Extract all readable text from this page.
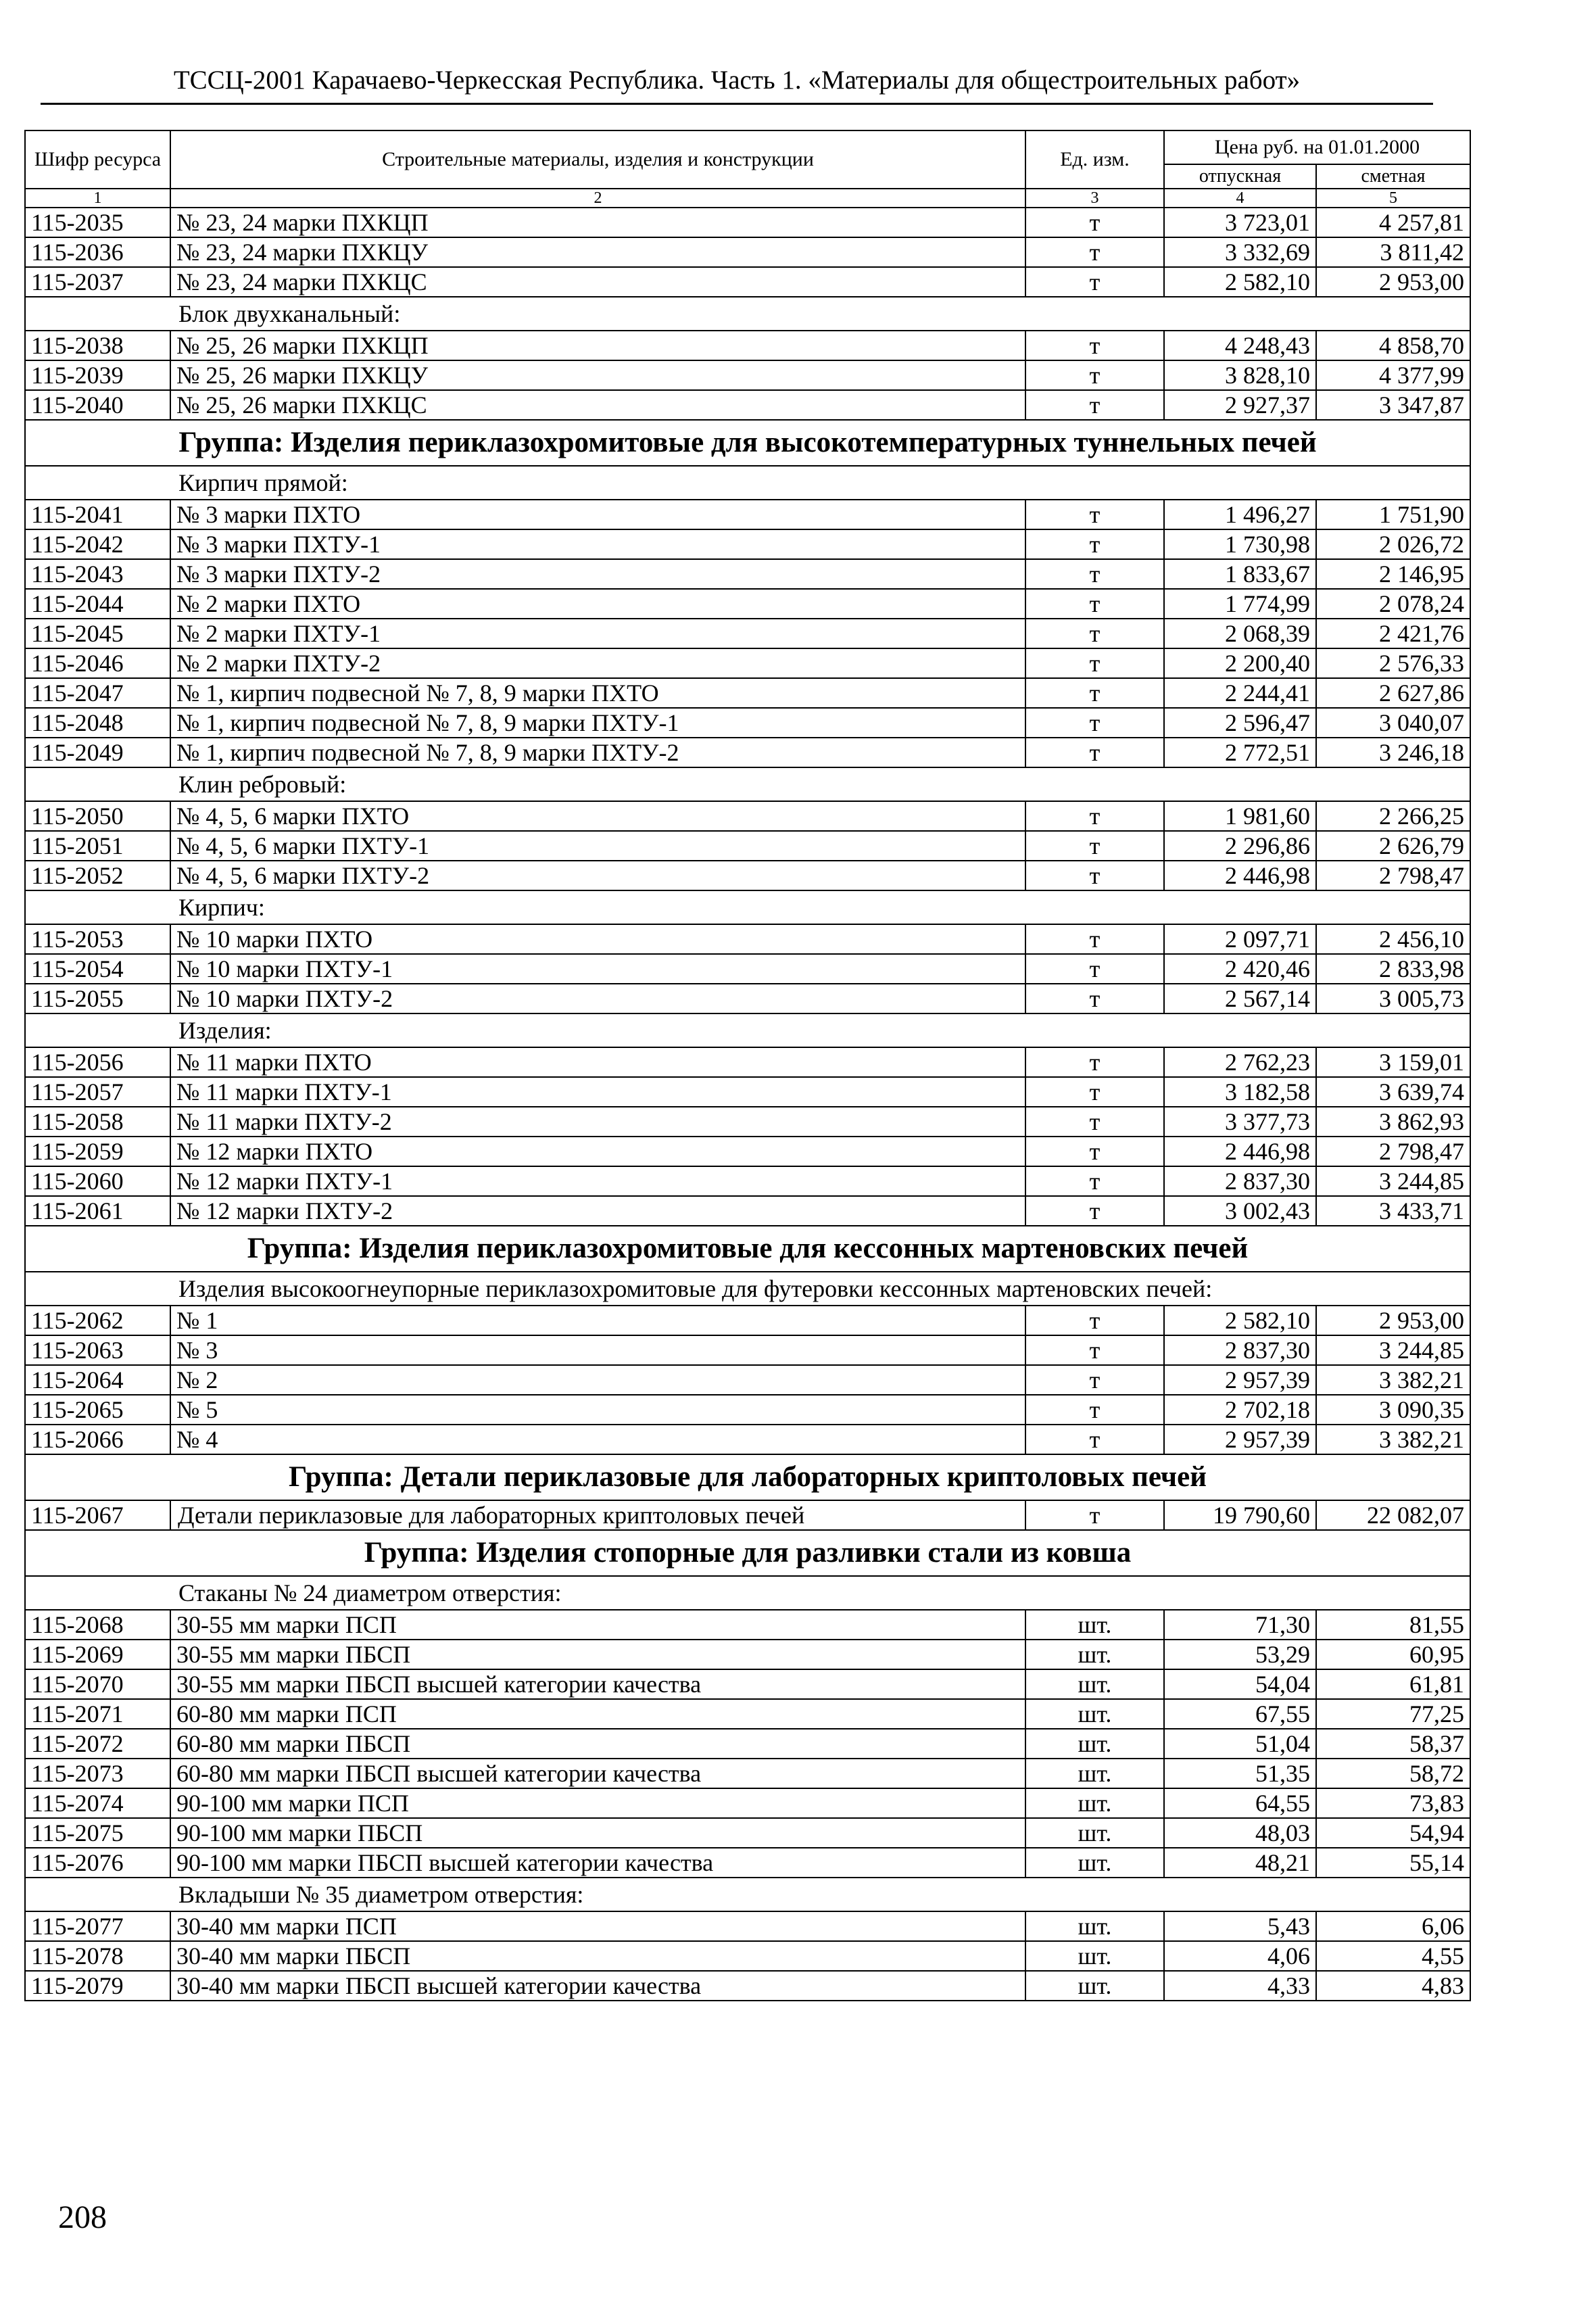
ТССЦ-2001 Карачаево-Черкесская Республика. Часть 1. «Материалы для общестроительных работ»
Шифр ресурса	Строительные материалы, изделия и конструкции	Ед. изм.	Цена руб. на 01.01.2000	
			отпускная	сметная
1	2	3	4	5
115-2035	№ 23, 24 марки ПХКЦП	т	3 723,01	4 257,81
115-2036	№ 23, 24 марки ПХКЦУ	т	3 332,69	3 811,42
115-2037	№ 23, 24 марки ПХКЦС	т	2 582,10	2 953,00
Блок двухканальный:				
115-2038	№ 25, 26 марки ПХКЦП	т	4 248,43	4 858,70
115-2039	№ 25, 26 марки ПХКЦУ	т	3 828,10	4 377,99
115-2040	№ 25, 26 марки ПХКЦС	т	2 927,37	3 347,87
Группа: Изделия периклазохромитовые для высокотемпературных туннельных печей				
Кирпич прямой:				
115-2041	№ 3 марки ПХТО	т	1 496,27	1 751,90
115-2042	№ 3 марки ПХТУ-1	т	1 730,98	2 026,72
115-2043	№ 3 марки ПХТУ-2	т	1 833,67	2 146,95
115-2044	№ 2 марки ПХТО	т	1 774,99	2 078,24
115-2045	№ 2 марки ПХТУ-1	т	2 068,39	2 421,76
115-2046	№ 2 марки ПХТУ-2	т	2 200,40	2 576,33
115-2047	№ 1, кирпич подвесной № 7, 8, 9 марки ПХТО	т	2 244,41	2 627,86
115-2048	№ 1, кирпич подвесной № 7, 8, 9 марки ПХТУ-1	т	2 596,47	3 040,07
115-2049	№ 1, кирпич подвесной № 7, 8, 9 марки ПХТУ-2	т	2 772,51	3 246,18
Клин ребровый:				
115-2050	№ 4, 5, 6 марки ПХТО	т	1 981,60	2 266,25
115-2051	№ 4, 5, 6 марки ПХТУ-1	т	2 296,86	2 626,79
115-2052	№ 4, 5, 6 марки ПХТУ-2	т	2 446,98	2 798,47
Кирпич:				
115-2053	№ 10 марки ПХТО	т	2 097,71	2 456,10
115-2054	№ 10 марки ПХТУ-1	т	2 420,46	2 833,98
115-2055	№ 10 марки ПХТУ-2	т	2 567,14	3 005,73
Изделия:				
115-2056	№ 11 марки ПХТО	т	2 762,23	3 159,01
115-2057	№ 11 марки ПХТУ-1	т	3 182,58	3 639,74
115-2058	№ 11 марки ПХТУ-2	т	3 377,73	3 862,93
115-2059	№ 12 марки ПХТО	т	2 446,98	2 798,47
115-2060	№ 12 марки ПХТУ-1	т	2 837,30	3 244,85
115-2061	№ 12 марки ПХТУ-2	т	3 002,43	3 433,71
Группа: Изделия периклазохромитовые для кессонных мартеновских печей				
Изделия высокоогнеупорные периклазохромитовые для футеровки кессонных мартеновских печей:				
115-2062	№ 1	т	2 582,10	2 953,00
115-2063	№ 3	т	2 837,30	3 244,85
115-2064	№ 2	т	2 957,39	3 382,21
115-2065	№ 5	т	2 702,18	3 090,35
115-2066	№ 4	т	2 957,39	3 382,21
Группа: Детали периклазовые для лабораторных криптоловых печей				
115-2067	Детали периклазовые для лабораторных криптоловых печей	т	19 790,60	22 082,07
Группа: Изделия стопорные для разливки стали из ковша				
Стаканы № 24 диаметром отверстия:				
115-2068	30-55 мм марки ПСП	шт.	71,30	81,55
115-2069	30-55 мм марки ПБСП	шт.	53,29	60,95
115-2070	30-55 мм марки ПБСП высшей категории качества	шт.	54,04	61,81
115-2071	60-80 мм марки ПСП	шт.	67,55	77,25
115-2072	60-80 мм марки ПБСП	шт.	51,04	58,37
115-2073	60-80 мм марки ПБСП высшей категории качества	шт.	51,35	58,72
115-2074	90-100 мм марки ПСП	шт.	64,55	73,83
115-2075	90-100 мм марки ПБСП	шт.	48,03	54,94
115-2076	90-100 мм марки ПБСП высшей категории качества	шт.	48,21	55,14
Вкладыши № 35 диаметром отверстия:				
115-2077	30-40 мм марки ПСП	шт.	5,43	6,06
115-2078	30-40 мм марки ПБСП	шт.	4,06	4,55
115-2079	30-40 мм марки ПБСП высшей категории качества	шт.	4,33	4,83
208
